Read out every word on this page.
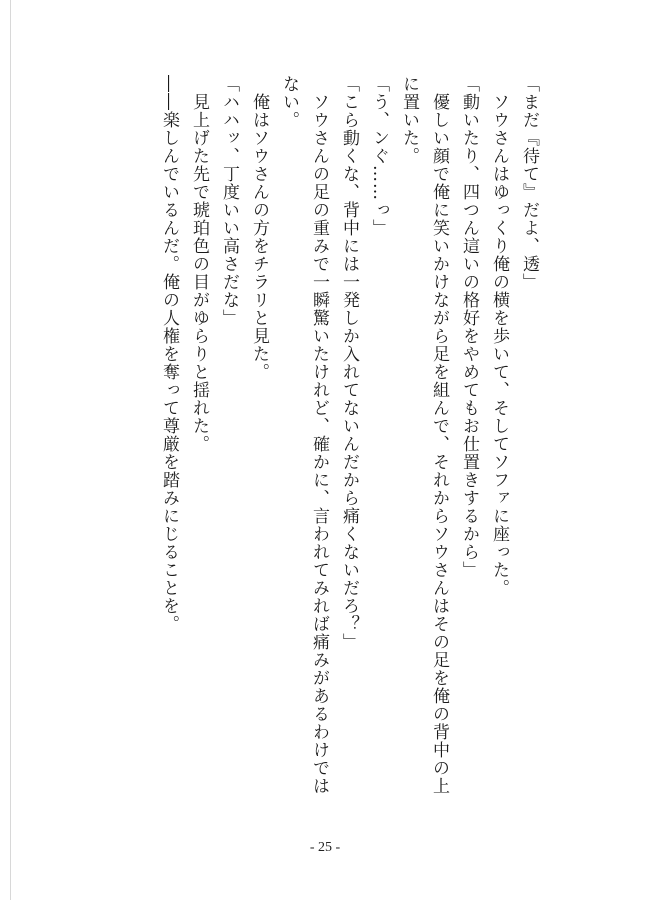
「まだ『待て』だよ、透」

　ソウさんはゆっくり俺の横を歩いて、そしてソファに座った。

「動いたり、四つん這いの格好をやめてもお仕置きするから」

　優しい顔で俺に笑いかけながら足を組んで、それからソウさんはその足を俺の背中の上に置いた。

「う、ンぐ……っ」

「こら動くな、背中には一発しか入れてないんだから痛くないだろ？」

　ソウさんの足の重みで一瞬驚いたけれど、確かに、言われてみれば痛みがあるわけではない。

　俺はソウさんの方をチラリと見た。

「ハハッ、丁度いい高さだな」

　見上げた先で琥珀色の目がゆらりと揺れた。

――楽しんでいるんだ。俺の人権を奪って尊厳を踏みにじることを。

- 25 -
